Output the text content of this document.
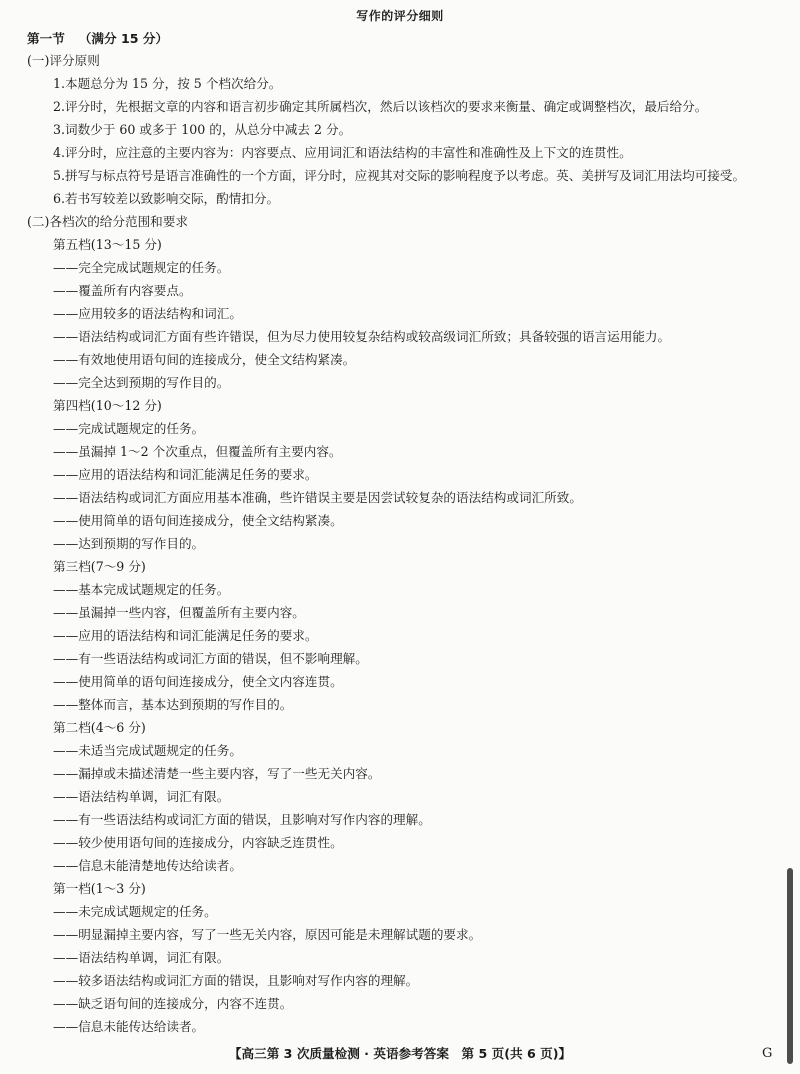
写作的评分细则
第一节 （满分 15 分）
(一)评分原则
1.本题总分为 15 分，按 5 个档次给分。
2.评分时，先根据文章的内容和语言初步确定其所属档次，然后以该档次的要求来衡量、确定或调整档次，最后给分。
3.词数少于 60 或多于 100 的，从总分中减去 2 分。
4.评分时，应注意的主要内容为：内容要点、应用词汇和语法结构的丰富性和准确性及上下文的连贯性。
5.拼写与标点符号是语言准确性的一个方面，评分时，应视其对交际的影响程度予以考虑。英、美拼写及词汇用法均可接受。
6.若书写较差以致影响交际，酌情扣分。
(二)各档次的给分范围和要求
第五档(13～15 分)
——完全完成试题规定的任务。
——覆盖所有内容要点。
——应用较多的语法结构和词汇。
——语法结构或词汇方面有些许错误，但为尽力使用较复杂结构或较高级词汇所致；具备较强的语言运用能力。
——有效地使用语句间的连接成分，使全文结构紧凑。
——完全达到预期的写作目的。
第四档(10～12 分)
——完成试题规定的任务。
——虽漏掉 1～2 个次重点，但覆盖所有主要内容。
——应用的语法结构和词汇能满足任务的要求。
——语法结构或词汇方面应用基本准确，些许错误主要是因尝试较复杂的语法结构或词汇所致。
——使用简单的语句间连接成分，使全文结构紧凑。
——达到预期的写作目的。
第三档(7～9 分)
——基本完成试题规定的任务。
——虽漏掉一些内容，但覆盖所有主要内容。
——应用的语法结构和词汇能满足任务的要求。
——有一些语法结构或词汇方面的错误，但不影响理解。
——使用简单的语句间连接成分，使全文内容连贯。
——整体而言，基本达到预期的写作目的。
第二档(4～6 分)
——未适当完成试题规定的任务。
——漏掉或未描述清楚一些主要内容，写了一些无关内容。
——语法结构单调，词汇有限。
——有一些语法结构或词汇方面的错误，且影响对写作内容的理解。
——较少使用语句间的连接成分，内容缺乏连贯性。
——信息未能清楚地传达给读者。
第一档(1～3 分)
——未完成试题规定的任务。
——明显漏掉主要内容，写了一些无关内容，原因可能是未理解试题的要求。
——语法结构单调，词汇有限。
——较多语法结构或词汇方面的错误，且影响对写作内容的理解。
——缺乏语句间的连接成分，内容不连贯。
——信息未能传达给读者。
【高三第 3 次质量检测 · 英语参考答案　第 5 页(共 6 页)】	G
